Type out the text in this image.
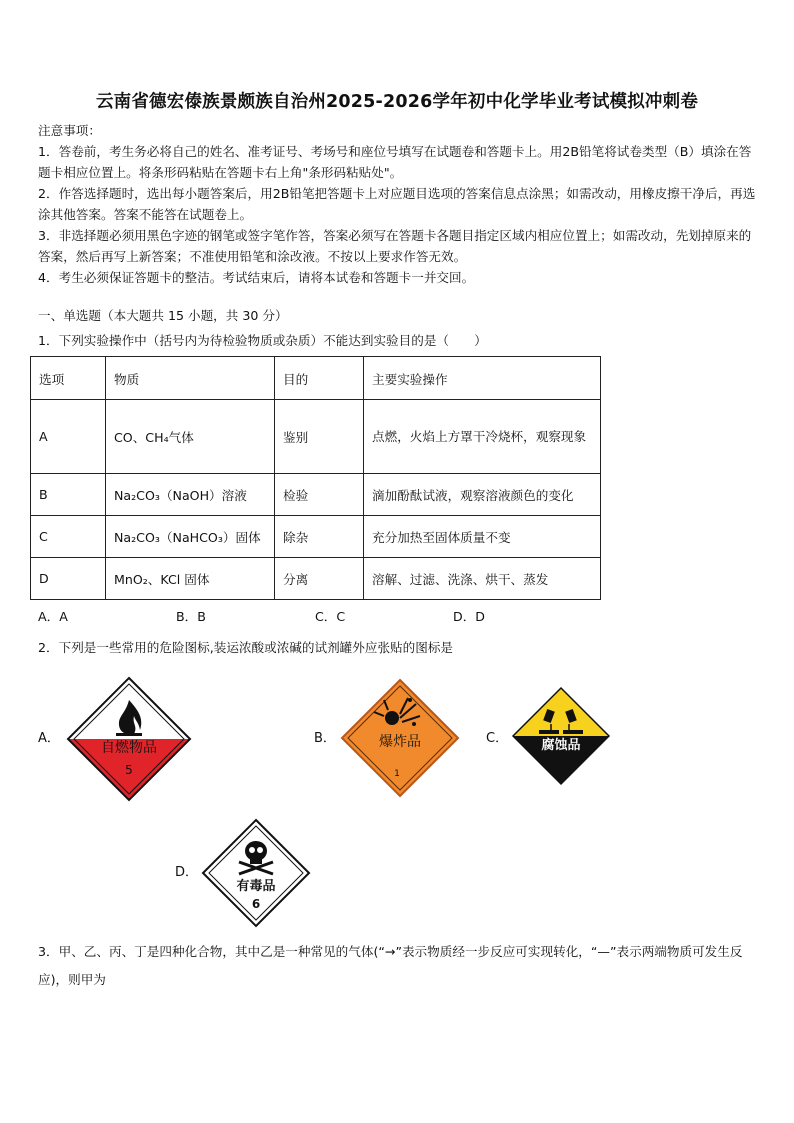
云南省德宏傣族景颇族自治州2025-2026学年初中化学毕业考试模拟冲刺卷

注意事项：

1．答卷前，考生务必将自己的姓名、准考证号、考场号和座位号填写在试题卷和答题卡上。用2B铅笔将试卷类型（B）填涂在答题卡相应位置上。将条形码粘贴在答题卡右上角"条形码粘贴处"。

2．作答选择题时，选出每小题答案后，用2B铅笔把答题卡上对应题目选项的答案信息点涂黑；如需改动，用橡皮擦干净后，再选涂其他答案。答案不能答在试题卷上。

3．非选择题必须用黑色字迹的钢笔或签字笔作答，答案必须写在答题卡各题目指定区域内相应位置上；如需改动，先划掉原来的答案，然后再写上新答案；不准使用铅笔和涂改液。不按以上要求作答无效。

4．考生必须保证答题卡的整洁。考试结束后，请将本试卷和答题卡一并交回。

一、单选题（本大题共 15 小题，共 30 分）
1．下列实验操作中（括号内为待检验物质或杂质）不能达到实验目的是（　　）
选项	物质	目的	主要实验操作
A	CO、CH₄气体	鉴别	点燃，火焰上方罩干冷烧杯，观察现象
B	Na₂CO₃（NaOH）溶液	检验	滴加酚酞试液，观察溶液颜色的变化
C	Na₂CO₃（NaHCO₃）固体	除杂	充分加热至固体质量不变
D	MnO₂、KCl 固体	分离	溶解、过滤、洗涤、烘干、蒸发
A．A	B．B	C．C	D．D
2．下列是一些常用的危险图标,装运浓酸或浓碱的试剂罐外应张贴的图标是
A．
自燃物品
5
B．	爆炸品
1
C．	腐蚀品
D．
有毒品
6
3．甲、乙、丙、丁是四种化合物，其中乙是一种常见的气体(“→”表示物质经一步反应可实现转化，“—”表示两端物质可发生反应)，则甲为
